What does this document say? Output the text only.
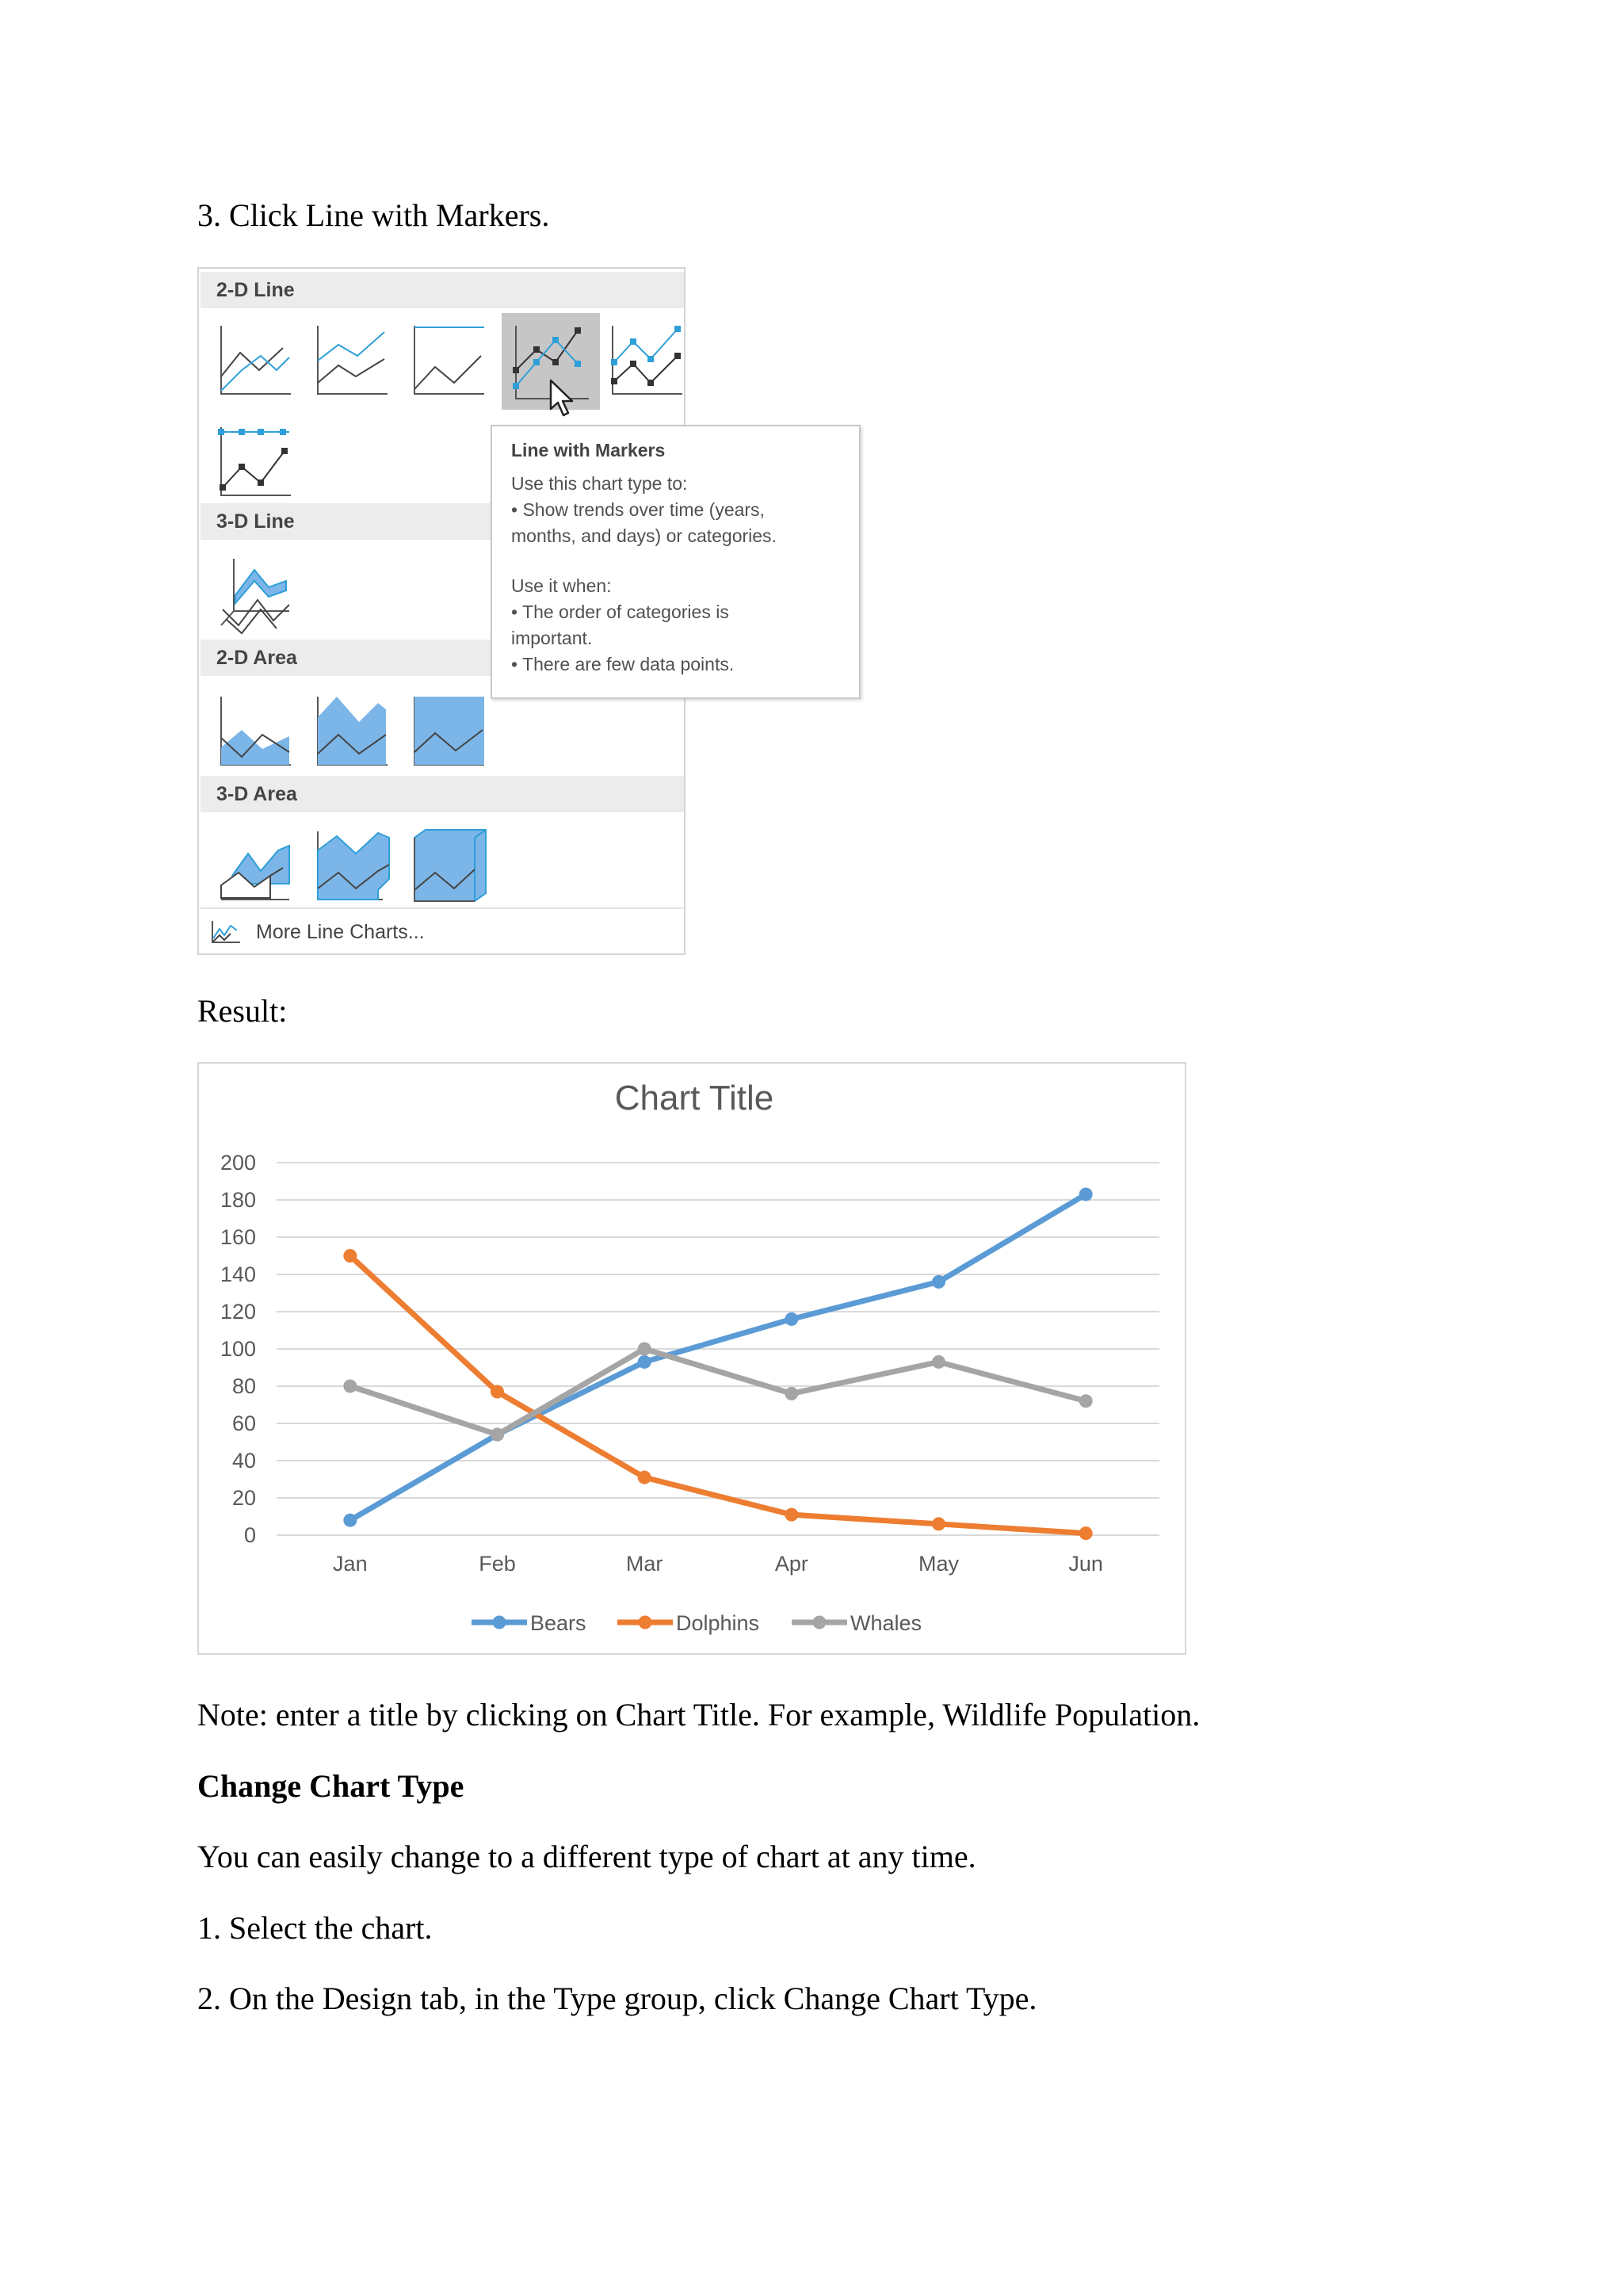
3. Click Line with Markers.
2-D Line
3-D Line
2-D Area
3-D Area
More Line Charts...
Line with Markers
Use this chart type to:
• Show trends over time (years,
months, and days) or categories.
Use it when:
• The order of categories is
important.
• There are few data points.
Result:
Chart Title
0
20
40
60
80
100
120
140
160
180
200
Jan	Feb	Mar	Apr	May	Jun
Bears	Dolphins	Whales
Note: enter a title by clicking on Chart Title. For example, Wildlife Population.
Change Chart Type
You can easily change to a different type of chart at any time.
1. Select the chart.
2. On the Design tab, in the Type group, click Change Chart Type.
